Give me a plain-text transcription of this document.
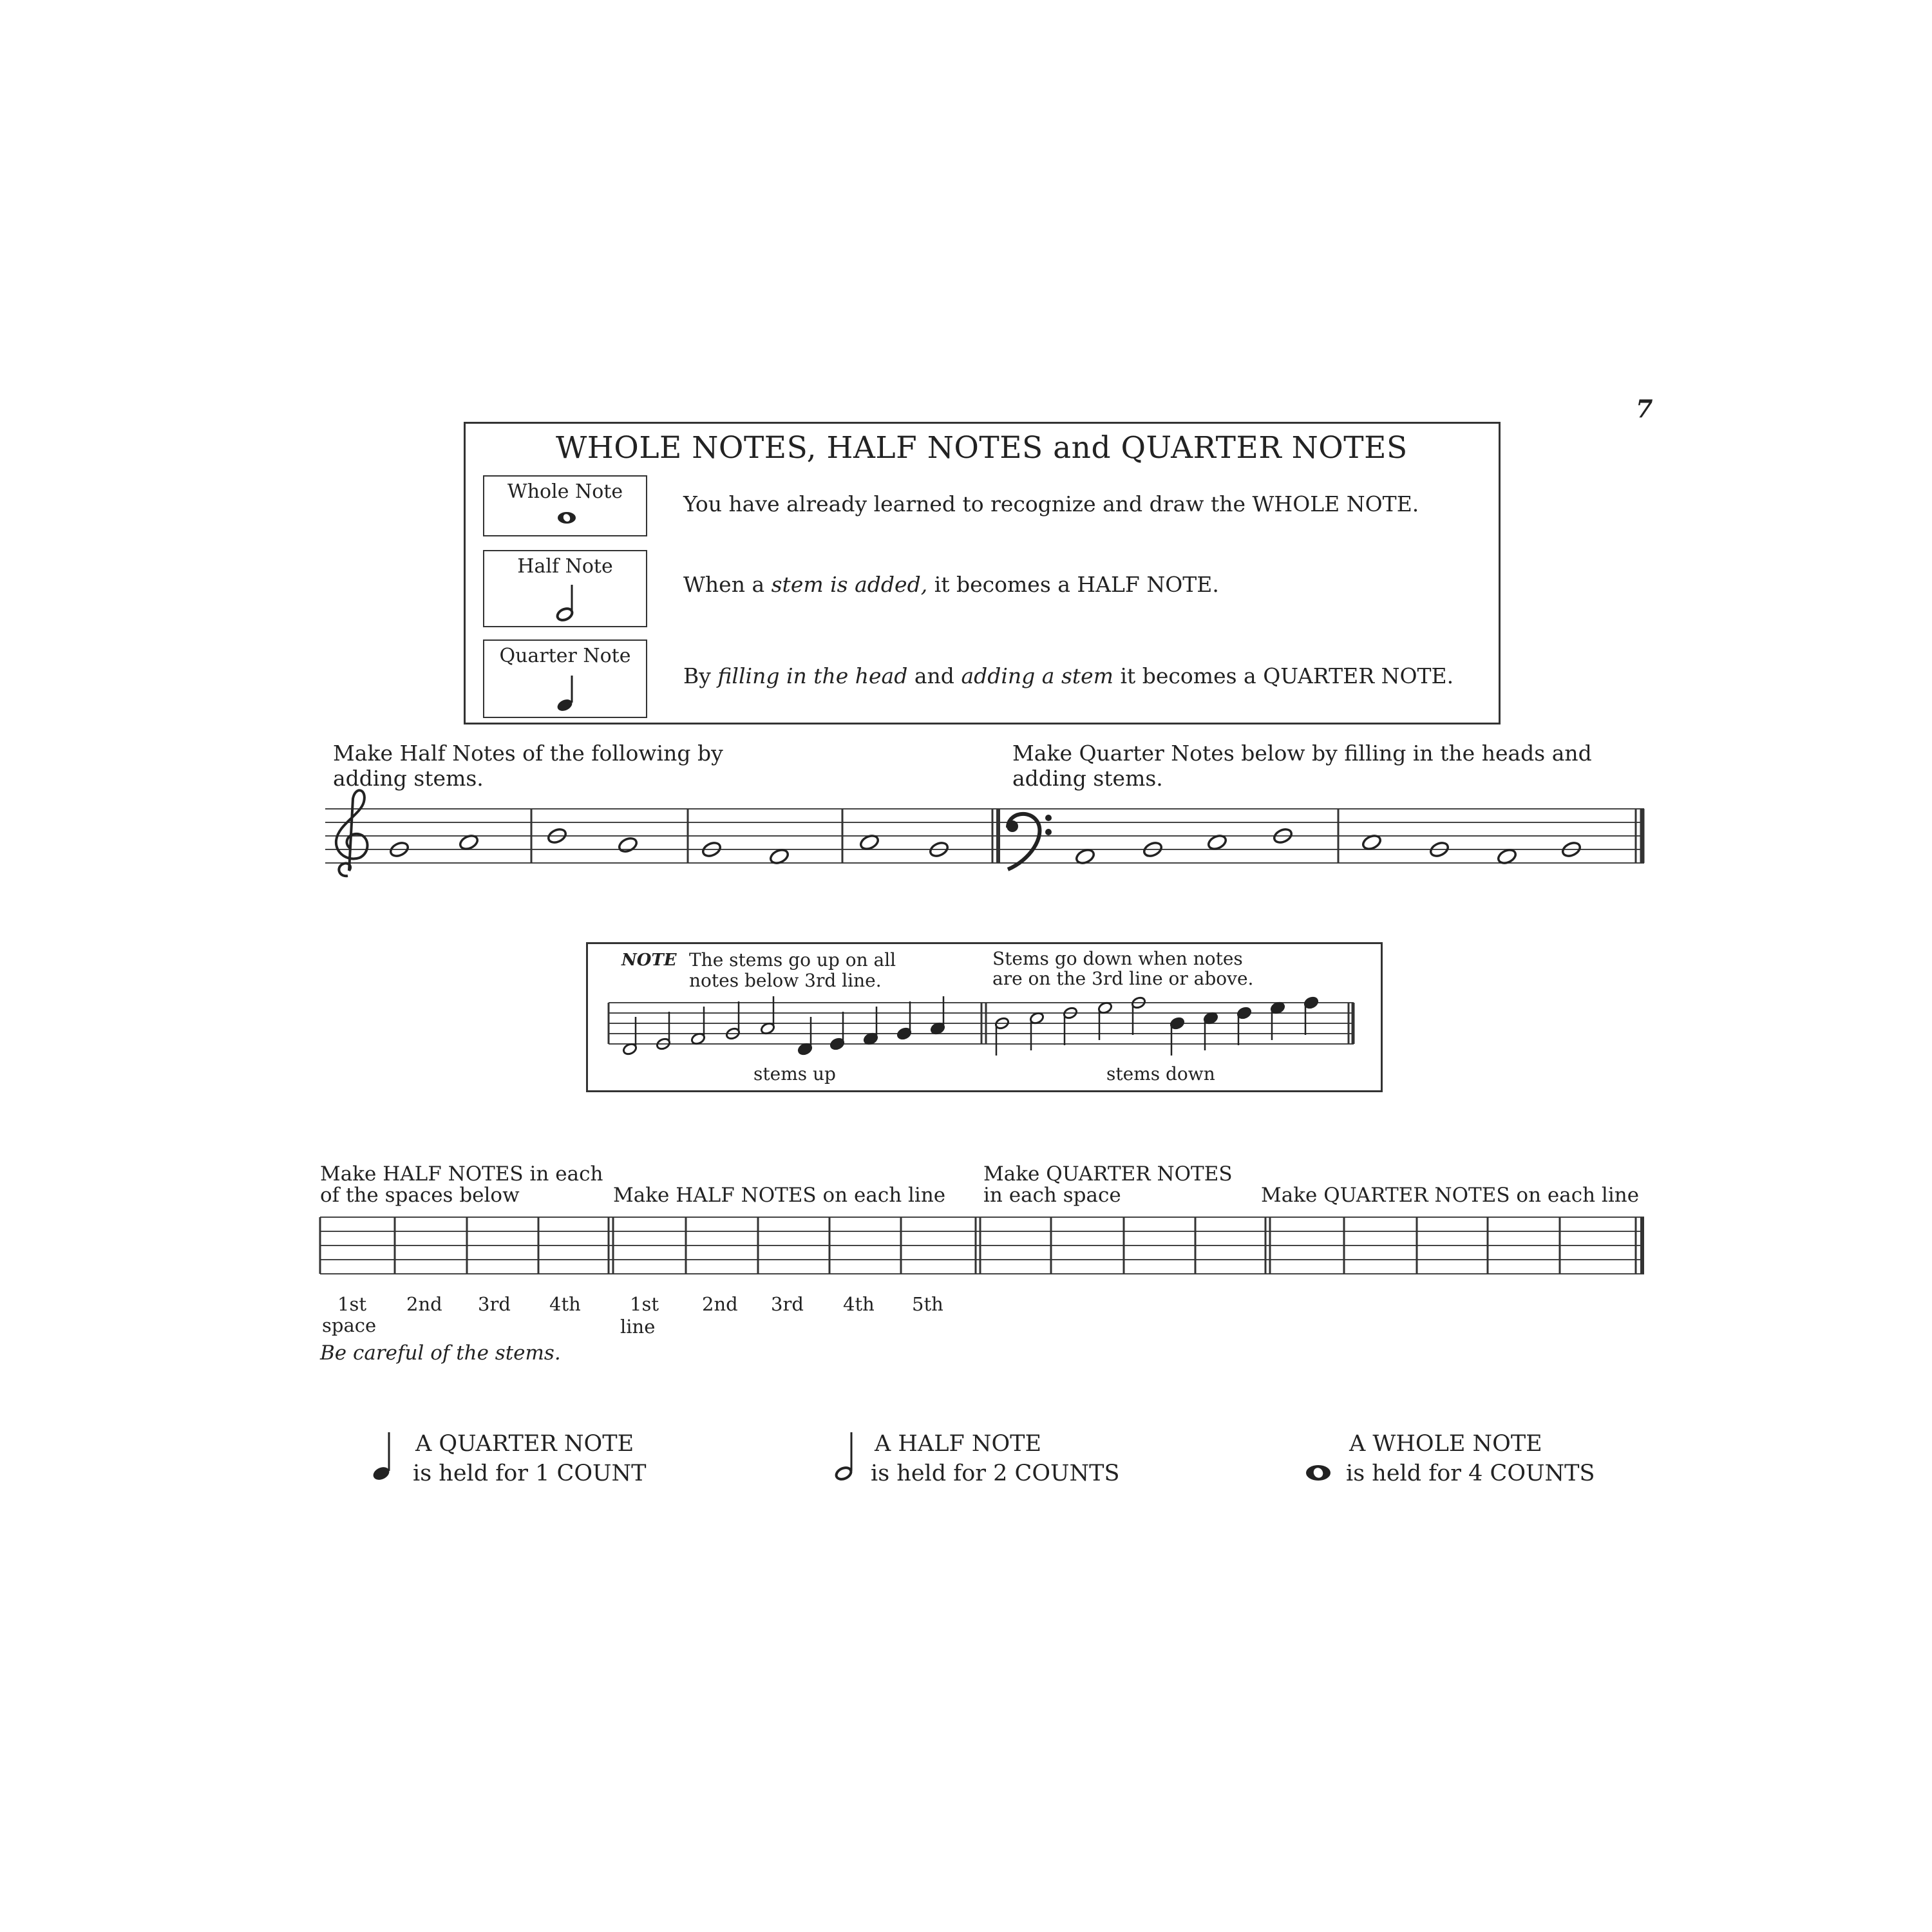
7
WHOLE NOTES, HALF NOTES and QUARTER NOTES
Whole Note
Half Note
Quarter Note
You have already learned to recognize and draw the WHOLE NOTE.
When a stem is added, it becomes a HALF NOTE.
By filling in the head and adding a stem it becomes a QUARTER NOTE.
Make Half Notes of the following by
adding stems.
Make Quarter Notes below by filling in the heads and
adding stems.
NOTE The stems go up on all
notes below 3rd line.
Stems go down when notes
are on the 3rd line or above.
stems up	stems down
Make HALF NOTES in each
of the spaces below	Make HALF NOTES on each line
Make QUARTER NOTES
in each space	Make QUARTER NOTES on each line
1st
space
2nd 3rd 4th	1st
line
2nd 3rd 4th 5th
Be careful of the stems.
A QUARTER NOTE
is held for 1 COUNT
A HALF NOTE
is held for 2 COUNTS
A WHOLE NOTE
is held for 4 COUNTS
